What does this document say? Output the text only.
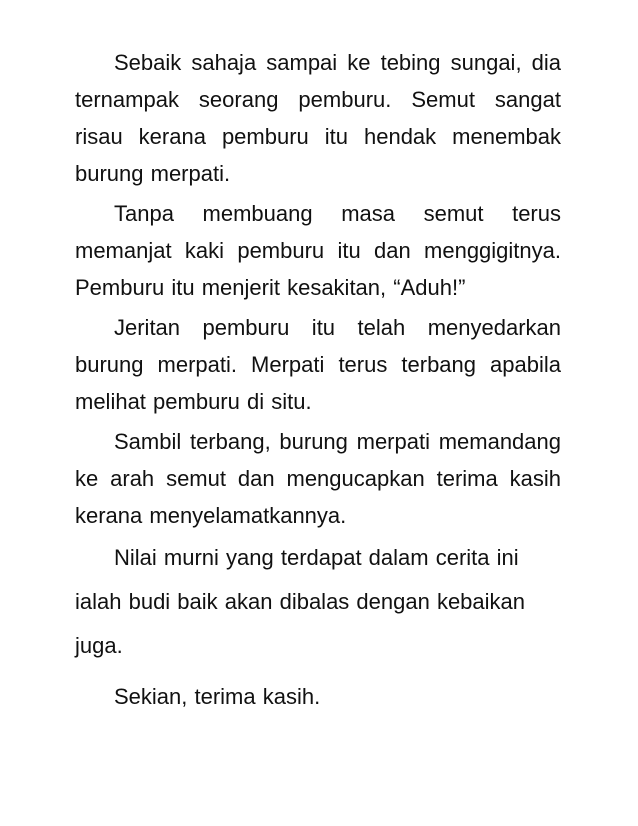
Sebaik sahaja sampai ke tebing sungai, dia ternampak seorang pemburu. Semut sangat risau kerana pemburu itu hendak menembak burung merpati.

Tanpa membuang masa semut terus memanjat kaki pemburu itu dan menggigitnya. Pemburu itu menjerit kesakitan, “Aduh!”

Jeritan pemburu itu telah menyedarkan burung merpati. Merpati terus terbang apabila melihat pemburu di situ.

Sambil terbang, burung merpati memandang ke arah semut dan mengucapkan terima kasih kerana menyelamatkannya.

Nilai murni yang terdapat dalam cerita ini ialah budi baik akan dibalas dengan kebaikan juga.

Sekian, terima kasih.
